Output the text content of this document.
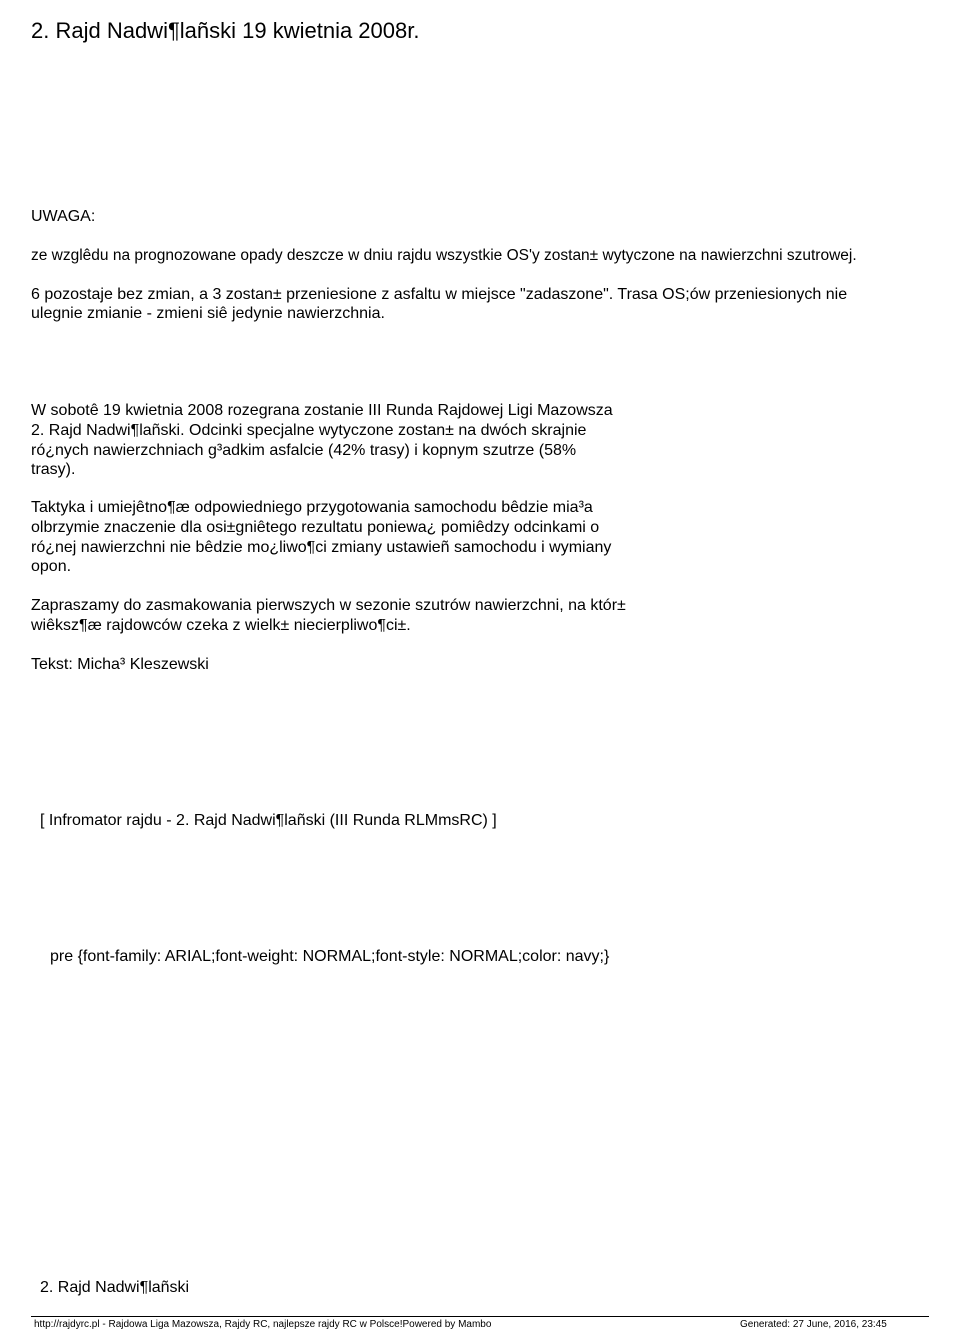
2. Rajd Nadwi¶lañski 19 kwietnia 2008r.
UWAGA:
ze wzglêdu na prognozowane opady deszcze w dniu rajdu wszystkie OS'y zostan± wytyczone na nawierzchni szutrowej.
6 pozostaje bez zmian, a 3 zostan± przeniesione z asfaltu w miejsce "zadaszone". Trasa OS;ów przeniesionych nie
ulegnie zmianie - zmieni siê jedynie nawierzchnia.
W sobotê 19 kwietnia 2008 rozegrana zostanie III Runda Rajdowej Ligi Mazowsza
2. Rajd Nadwi¶lañski. Odcinki specjalne wytyczone zostan± na dwóch skrajnie
ró¿nych nawierzchniach g³adkim asfalcie (42% trasy) i kopnym szutrze (58%
trasy).
Taktyka i umiejêtno¶æ odpowiedniego przygotowania samochodu bêdzie mia³a
olbrzymie znaczenie dla osi±gniêtego rezultatu poniewa¿ pomiêdzy odcinkami o
ró¿nej nawierzchni nie bêdzie mo¿liwo¶ci zmiany ustawieñ samochodu i wymiany
opon.
Zapraszamy do zasmakowania pierwszych w sezonie szutrów nawierzchni, na któr±
wiêksz¶æ rajdowców czeka z wielk± niecierpliwo¶ci±.
Tekst: Micha³ Kleszewski
[ Infromator rajdu - 2. Rajd Nadwi¶lañski (III Runda RLMmsRC) ]
pre {font-family: ARIAL;font-weight: NORMAL;font-style: NORMAL;color: navy;}
2. Rajd Nadwi¶lañski
http://rajdyrc.pl - Rajdowa Liga Mazowsza, Rajdy RC, najlepsze rajdy RC w Polsce!Powered by Mambo	Generated: 27 June, 2016, 23:45
